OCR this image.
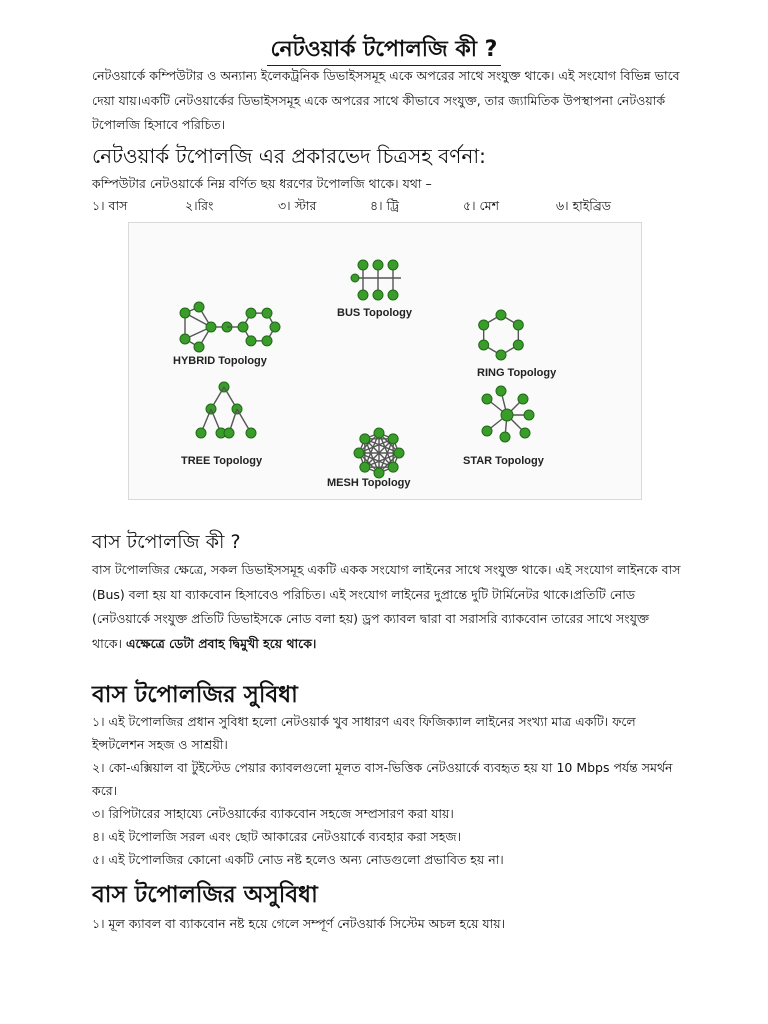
নেটওয়ার্ক টপোলজি কী ?
নেটওয়ার্কে কম্পিউটার ও অন্যান্য ইলেকট্রনিক ডিভাইসসমূহ একে অপরের সাথে সংযুক্ত থাকে। এই সংযোগ বিভিন্ন ভাবে দেয়া যায়।একটি নেটওয়ার্কের ডিভাইসসমূহ একে অপরের সাথে কীভাবে সংযুক্ত, তার জ্যামিতিক উপস্থাপনা নেটওয়ার্ক টপোলজি হিসাবে পরিচিত।
নেটওয়ার্ক টপোলজি এর প্রকারভেদ চিত্রসহ বর্ণনা:
কম্পিউটার নেটওয়ার্কে নিম্ন বর্ণিত ছয় ধরণের টপোলজি থাকে। যথা –
১। বাস	২।রিং	৩। স্টার	৪। ট্রি	৫। মেশ	৬। হাইব্রিড
BUS Topology
HYBRID Topology
RING Topology
TREE Topology	STAR Topology
MESH Topology
বাস টপোলজি কী ?
বাস টপোলজির ক্ষেত্রে, সকল ডিভাইসসমূহ একটি একক সংযোগ লাইনের সাথে সংযুক্ত থাকে। এই সংযোগ লাইনকে বাস (Bus) বলা হয় যা ব্যাকবোন হিসাবেও পরিচিত। এই সংযোগ লাইনের দুপ্রান্তে দুটি টার্মিনেটর থাকে।প্রতিটি নোড (নেটওয়ার্কে সংযুক্ত প্রতিটি ডিভাইসকে নোড বলা হয়) ড্রপ ক্যাবল দ্বারা বা সরাসরি ব্যাকবোন তারের সাথে সংযুক্ত থাকে। এক্ষেত্রে ডেটা প্রবাহ দ্বিমুখী হয়ে থাকে।
বাস টপোলজির সুবিধা
১। এই টপোলজির প্রধান সুবিধা হলো নেটওয়ার্ক খুব সাধারণ এবং ফিজিক্যাল লাইনের সংখ্যা মাত্র একটি। ফলে ইন্সটলেশন সহজ ও সাশ্রয়ী।
২। কো-এক্সিয়াল বা টুইস্টেড পেয়ার ক্যাবলগুলো মূলত বাস-ভিত্তিক নেটওয়ার্কে ব্যবহৃত হয় যা 10 Mbps পর্যন্ত সমর্থন করে।
৩। রিপিটারের সাহায্যে নেটওয়ার্কের ব্যাকবোন সহজে সম্প্রসারণ করা যায়।
৪। এই টপোলজি সরল এবং ছোট আকারের নেটওয়ার্কে ব্যবহার করা সহজ।
৫। এই টপোলজির কোনো একটি নোড নষ্ট হলেও অন্য নোডগুলো প্রভাবিত হয় না।
বাস টপোলজির অসুবিধা
১। মূল ক্যাবল বা ব্যাকবোন নষ্ট হয়ে গেলে সম্পূর্ণ নেটওয়ার্ক সিস্টেম অচল হয়ে যায়।
